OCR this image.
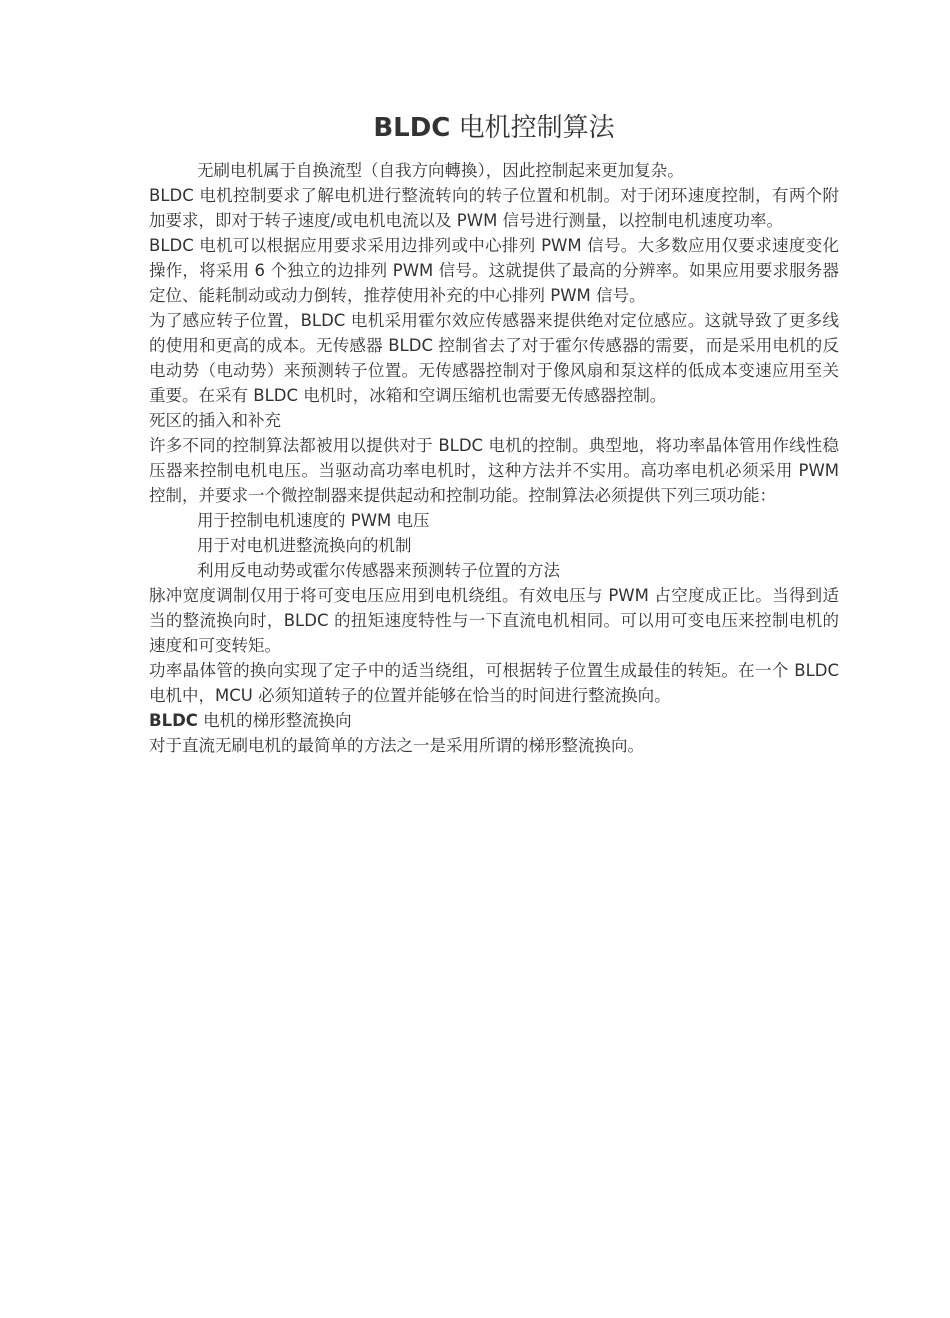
BLDC 电机控制算法

无刷电机属于自换流型（自我方向轉換），因此控制起来更加复杂。

BLDC 电机控制要求了解电机进行整流转向的转子位置和机制。对于闭环速度控制，有两个附加要求，即对于转子速度/或电机电流以及 PWM 信号进行测量，以控制电机速度功率。

BLDC 电机可以根据应用要求采用边排列或中心排列 PWM 信号。大多数应用仅要求速度变化操作，将采用 6 个独立的边排列 PWM 信号。这就提供了最高的分辨率。如果应用要求服务器定位、能耗制动或动力倒转，推荐使用补充的中心排列 PWM 信号。

为了感应转子位置，BLDC 电机采用霍尔效应传感器来提供绝对定位感应。这就导致了更多线的使用和更高的成本。无传感器 BLDC 控制省去了对于霍尔传感器的需要，而是采用电机的反电动势（电动势）来预测转子位置。无传感器控制对于像风扇和泵这样的低成本变速应用至关重要。在采有 BLDC 电机时，冰箱和空调压缩机也需要无传感器控制。

死区的插入和补充

许多不同的控制算法都被用以提供对于 BLDC 电机的控制。典型地，将功率晶体管用作线性稳压器来控制电机电压。当驱动高功率电机时，这种方法并不实用。高功率电机必须采用 PWM 控制，并要求一个微控制器来提供起动和控制功能。控制算法必须提供下列三项功能：

用于控制电机速度的 PWM 电压

用于对电机进整流换向的机制

利用反电动势或霍尔传感器来预测转子位置的方法

脉冲宽度调制仅用于将可变电压应用到电机绕组。有效电压与 PWM 占空度成正比。当得到适当的整流换向时，BLDC 的扭矩速度特性与一下直流电机相同。可以用可变电压来控制电机的速度和可变转矩。

功率晶体管的换向实现了定子中的适当绕组，可根据转子位置生成最佳的转矩。在一个 BLDC 电机中，MCU 必须知道转子的位置并能够在恰当的时间进行整流换向。

BLDC 电机的梯形整流换向

对于直流无刷电机的最简单的方法之一是采用所谓的梯形整流换向。
